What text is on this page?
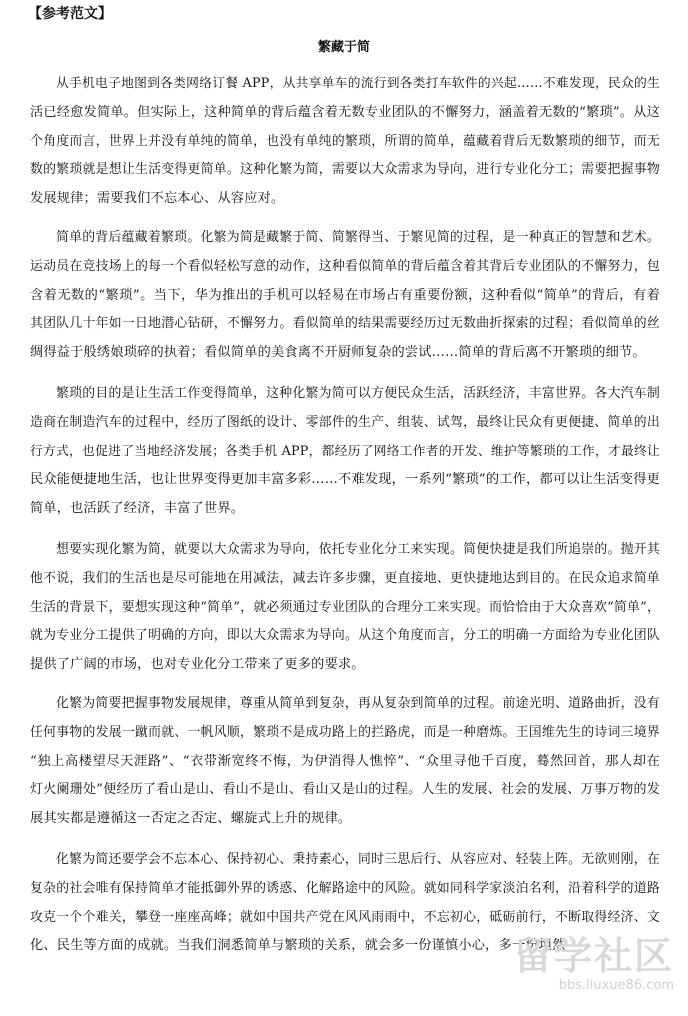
【参考范文】
繁藏于简
从手机电子地图到各类网络订餐 APP，从共享单车的流行到各类打车软件的兴起……不难发现，民众的生
活已经愈发简单。但实际上，这种简单的背后蕴含着无数专业团队的不懈努力，涵盖着无数的“繁琐”。从这
个角度而言，世界上并没有单纯的简单，也没有单纯的繁琐，所谓的简单，蕴藏着背后无数繁琐的细节，而无
数的繁琐就是想让生活变得更简单。这种化繁为简，需要以大众需求为导向，进行专业化分工；需要把握事物
发展规律；需要我们不忘本心、从容应对。
简单的背后蕴藏着繁琐。化繁为简是藏繁于简、简繁得当、于繁见简的过程，是一种真正的智慧和艺术。
运动员在竞技场上的每一个看似轻松写意的动作，这种看似简单的背后蕴含着其背后专业团队的不懈努力，包
含着无数的“繁琐”。当下，华为推出的手机可以轻易在市场占有重要份额，这种看似“简单”的背后，有着
其团队几十年如一日地潜心钻研，不懈努力。看似简单的结果需要经历过无数曲折探索的过程；看似简单的丝
绸得益于般绣娘琐碎的执着；看似简单的美食离不开厨师复杂的尝试……简单的背后离不开繁琐的细节。
繁琐的目的是让生活工作变得简单，这种化繁为简可以方便民众生活，活跃经济，丰富世界。各大汽车制
造商在制造汽车的过程中，经历了图纸的设计、零部件的生产、组装、试驾，最终让民众有更便捷、简单的出
行方式，也促进了当地经济发展；各类手机 APP，都经历了网络工作者的开发、维护等繁琐的工作，才最终让
民众能便捷地生活，也让世界变得更加丰富多彩……不难发现，一系列“繁琐”的工作，都可以让生活变得更
简单，也活跃了经济，丰富了世界。
想要实现化繁为简，就要以大众需求为导向，依托专业化分工来实现。简便快捷是我们所追崇的。抛开其
他不说，我们的生活也是尽可能地在用减法，减去许多步骤，更直接地、更快捷地达到目的。在民众追求简单
生活的背景下，要想实现这种“简单”，就必须通过专业团队的合理分工来实现。而恰恰由于大众喜欢“简单”，
就为专业分工提供了明确的方向，即以大众需求为导向。从这个角度而言，分工的明确一方面给为专业化团队
提供了广阔的市场，也对专业化分工带来了更多的要求。
化繁为简要把握事物发展规律，尊重从简单到复杂，再从复杂到简单的过程。前途光明、道路曲折，没有
任何事物的发展一蹴而就、一帆风顺，繁琐不是成功路上的拦路虎，而是一种磨炼。王国维先生的诗词三境界
“独上高楼望尽天涯路”、“衣带渐宽终不悔，为伊消得人憔悴”、“众里寻他千百度，蓦然回首，那人却在
灯火阑珊处”便经历了看山是山、看山不是山、看山又是山的过程。人生的发展、社会的发展、万事万物的发
展其实都是遵循这一否定之否定、螺旋式上升的规律。
化繁为简还要学会不忘本心、保持初心、秉持素心，同时三思后行、从容应对、轻装上阵。无欲则刚，在
复杂的社会唯有保持简单才能抵御外界的诱惑、化解路途中的风险。就如同科学家淡泊名利，沿着科学的道路
攻克一个个难关，攀登一座座高峰；就如中国共产党在风风雨雨中，不忘初心，砥砺前行，不断取得经济、文
化、民生等方面的成就。当我们洞悉简单与繁琐的关系，就会多一份谨慎小心，多一份坦然
留学社区
bbs.liuxue86.com
